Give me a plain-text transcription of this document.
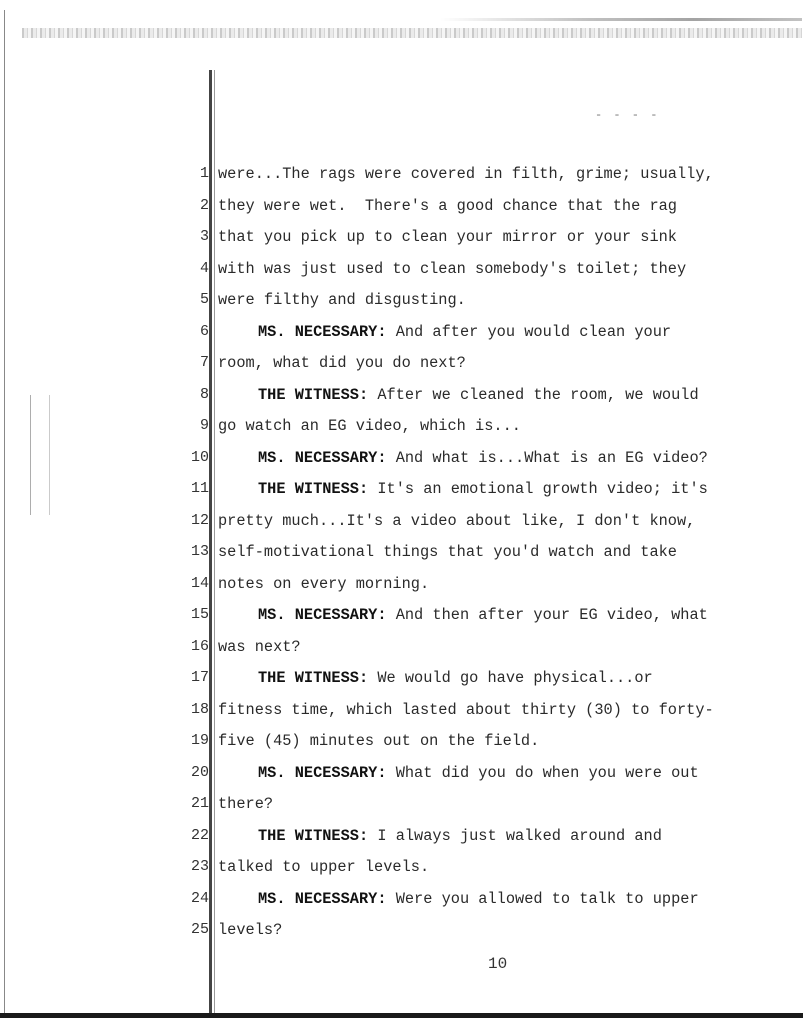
- - - -
1 were...The rags were covered in filth, grime; usually,
2 they were wet.  There's a good chance that the rag
3 that you pick up to clean your mirror or your sink
4 with was just used to clean somebody's toilet; they
5 were filthy and disgusting.
6	MS. NECESSARY: And after you would clean your
7 room, what did you do next?
8	THE WITNESS: After we cleaned the room, we would
9 go watch an EG video, which is...
10	MS. NECESSARY: And what is...What is an EG video?
11	THE WITNESS: It's an emotional growth video; it's
12 pretty much...It's a video about like, I don't know,
13 self-motivational things that you'd watch and take
14 notes on every morning.
15	MS. NECESSARY: And then after your EG video, what
16 was next?
17	THE WITNESS: We would go have physical...or
18 fitness time, which lasted about thirty (30) to forty-
19 five (45) minutes out on the field.
20	MS. NECESSARY: What did you do when you were out
21 there?
22	THE WITNESS: I always just walked around and
23 talked to upper levels.
24	MS. NECESSARY: Were you allowed to talk to upper
25 levels?
10
